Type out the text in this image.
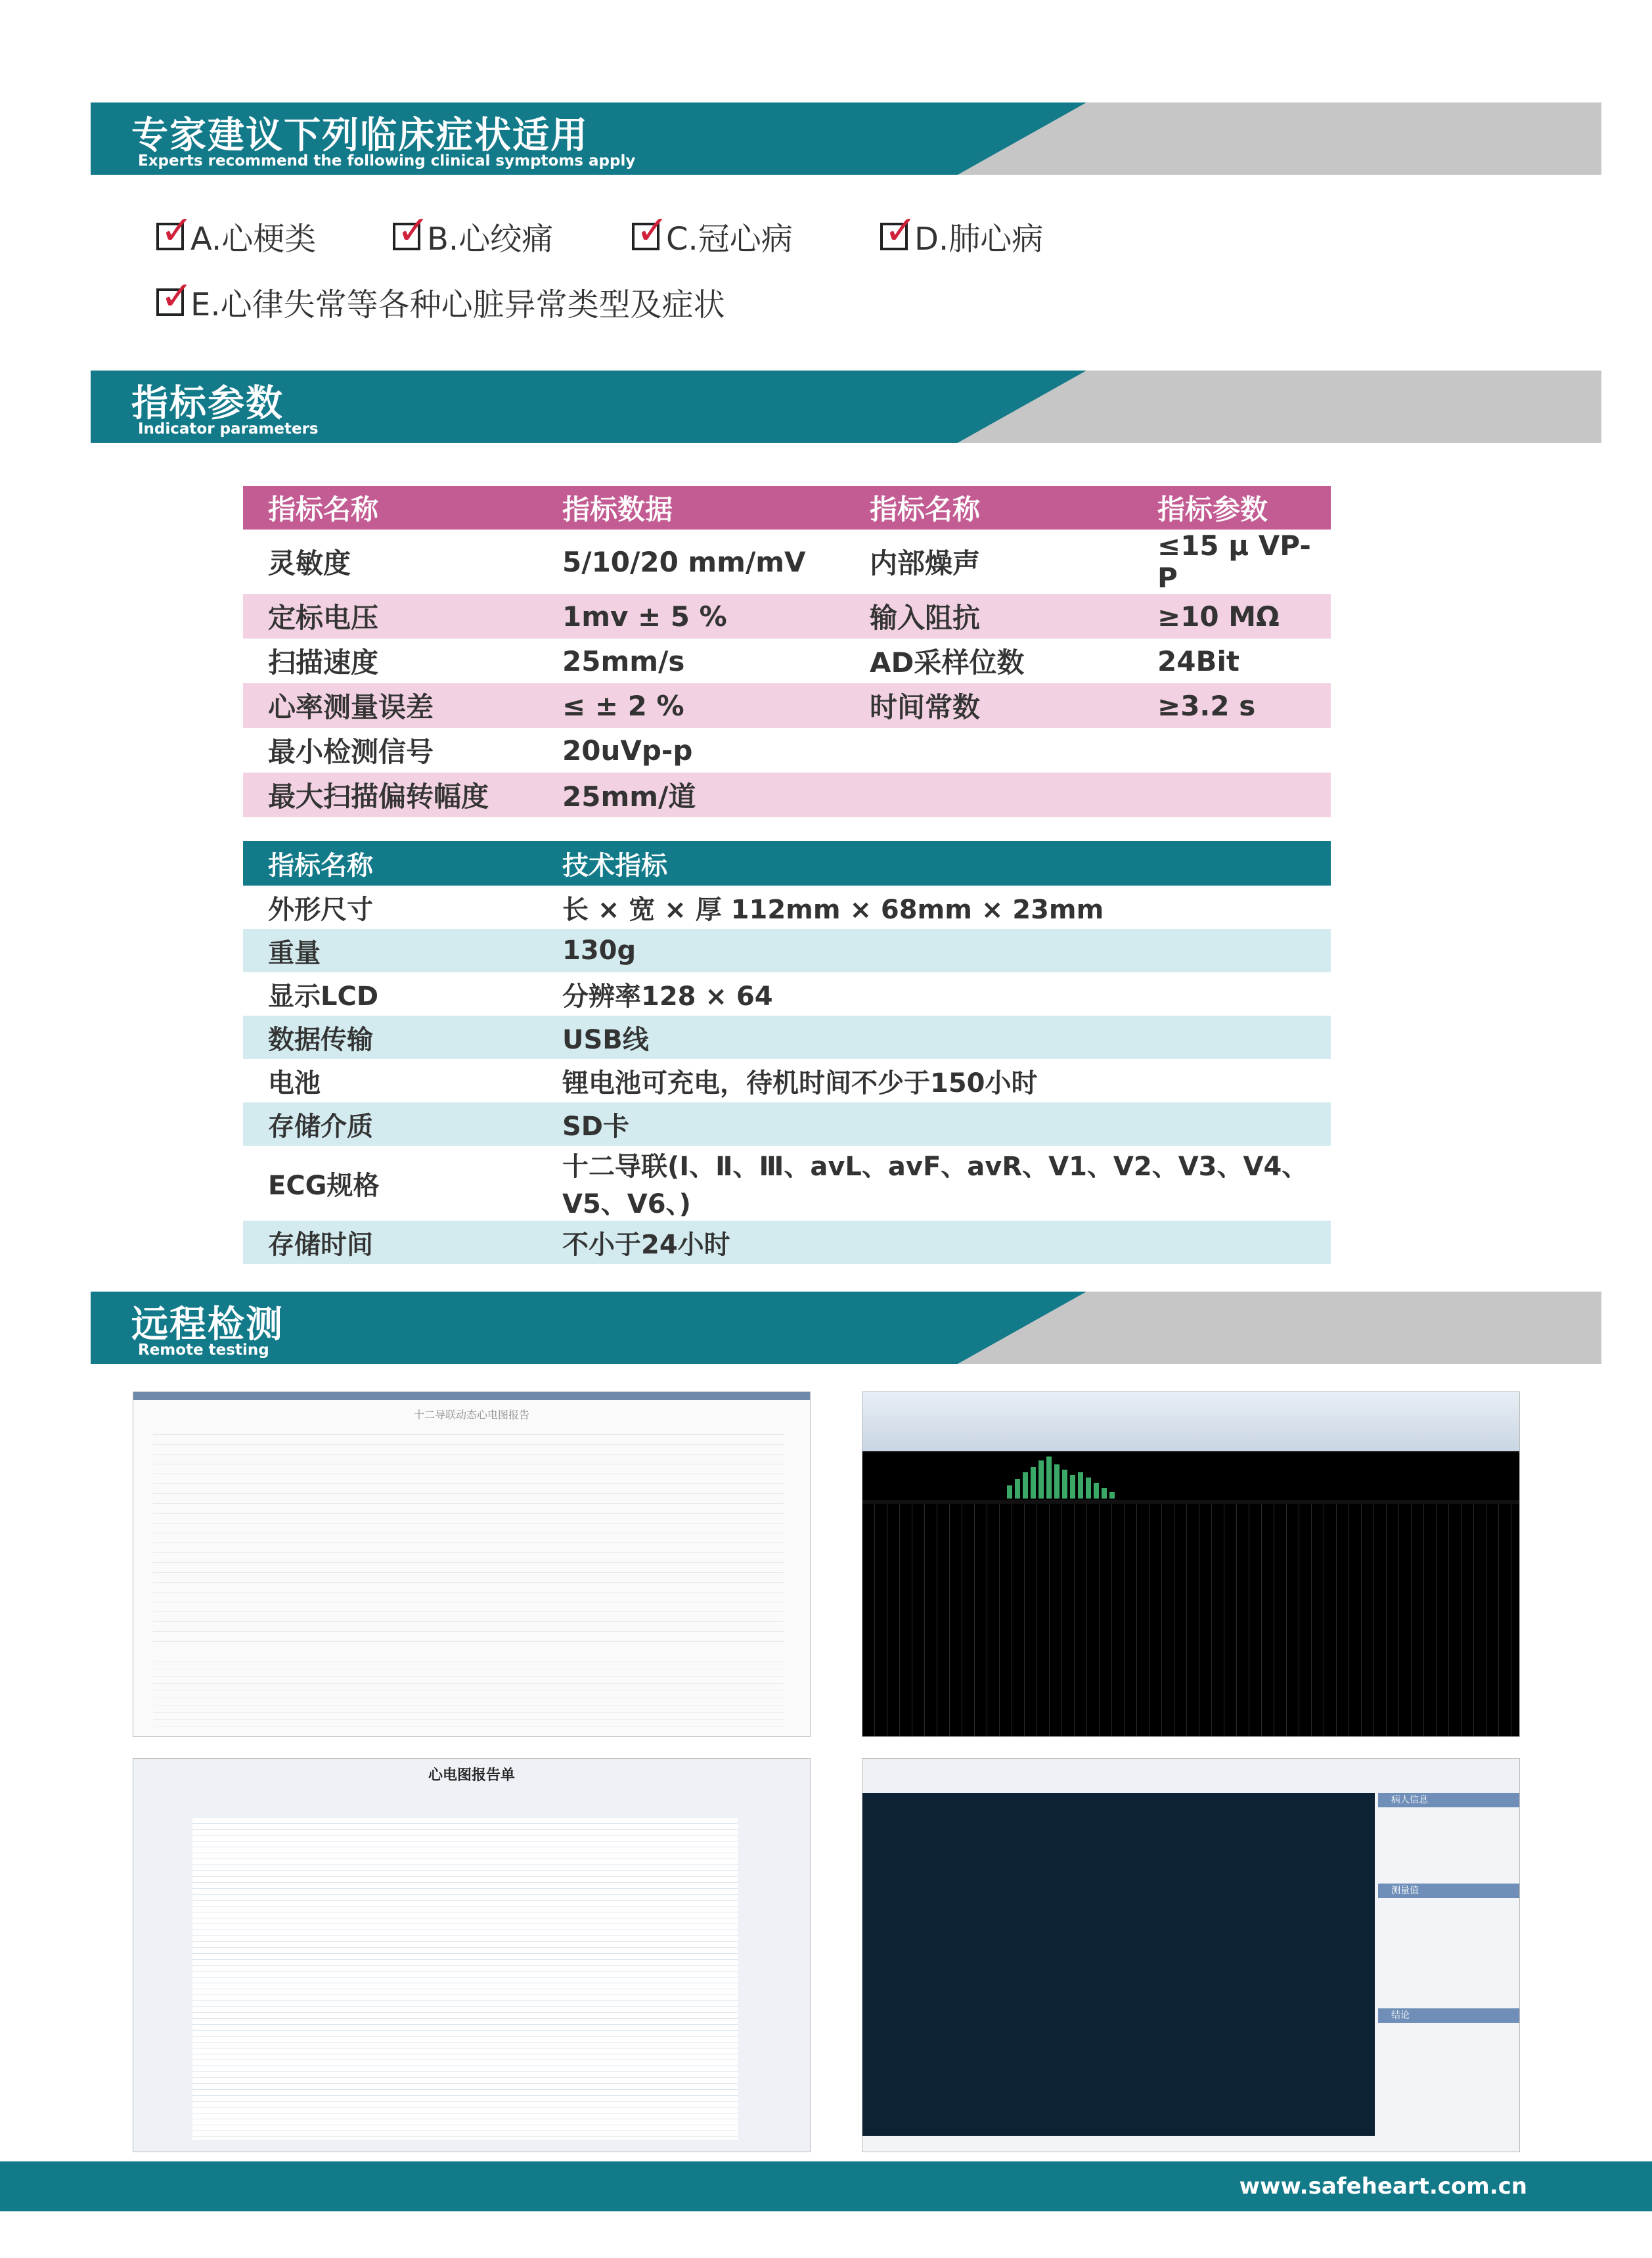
专家建议下列临床症状适用
Experts recommend the following clinical symptoms apply
✓
A.心梗类 ✓
B.心绞痛 ✓
C.冠心病 ✓
D.肺心病
✓
E.心律失常等各种心脏异常类型及症状
指标参数
Indicator parameters
指标名称	指标数据	指标名称	指标参数
灵敏度	5/10/20 mm/mV	内部燥声	≤15 μ VP-P
定标电压	1mv ± 5 %	输入阻抗	≥10 MΩ
扫描速度	25mm/s	AD采样位数	24Bit
心率测量误差	≤ ± 2 %	时间常数	≥3.2 s
最小检测信号	20uVp-p		
最大扫描偏转幅度	25mm/道		
指标名称	技术指标
外形尺寸	长 × 宽 × 厚 112mm × 68mm × 23mm
重量	130g
显示LCD	分辨率128 × 64
数据传输	USB线
电池	锂电池可充电，待机时间不少于150小时
存储介质	SD卡
ECG规格	十二导联(Ⅰ、Ⅱ、Ⅲ、avL、avF、avR、V1、V2、V3、V4、V5、V6、)
存储时间	不小于24小时
远程检测
Remote testing
十二导联动态心电图报告
心电图报告单
病人信息
测量值
结论
www.safeheart.com.cn
